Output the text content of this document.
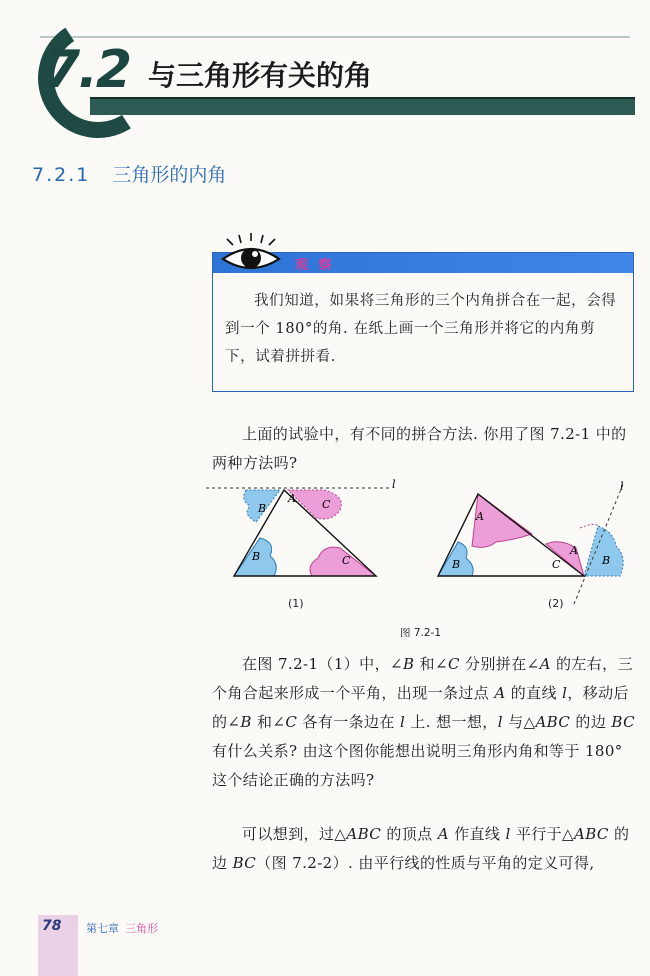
7.2 与三角形有关的角
7.2.1 三角形的内角
观 察
我们知道，如果将三角形的三个内角拼合在一起，会得到一个 180°的角. 在纸上画一个三角形并将它的内角剪下，试着拼拼看.
上面的试验中，有不同的拼合方法. 你用了图 7.2-1 中的两种方法吗?
A
B	C
B	C
l
A
B	C
A
B
l
(1)	(2)
图 7.2-1
在图 7.2-1（1）中，∠B 和∠C 分别拼在∠A 的左右，三个角合起来形成一个平角，出现一条过点 A 的直线 l，移动后的∠B 和∠C 各有一条边在 l 上. 想一想，l 与△ABC 的边 BC 有什么关系? 由这个图你能想出说明三角形内角和等于 180°这个结论正确的方法吗?
可以想到，过△ABC 的顶点 A 作直线 l 平行于△ABC 的边 BC（图 7.2-2）. 由平行线的性质与平角的定义可得,
78 第七章 三角形
